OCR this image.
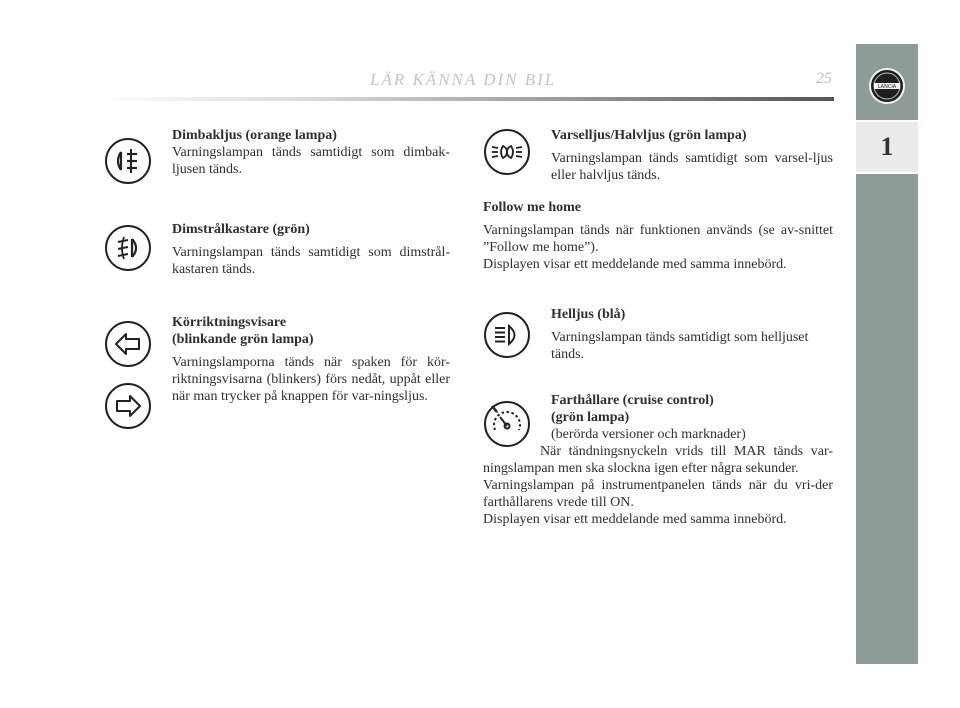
LÄR KÄNNA DIN BIL	25	LANCIA
1
Dimbakljus (orange lampa)

Varningslampan tänds samtidigt som dimbak-ljusen tänds.

Dimstrålkastare (grön)

Varningslampan tänds samtidigt som dimstrål-kastaren tänds.

Körriktningsvisare
(blinkande grön lampa)

Varningslamporna tänds när spaken för kör-riktningsvisarna (blinkers) förs nedåt, uppåt eller när man trycker på knappen för var-ningsljus.

Varselljus/Halvljus (grön lampa)

Varningslampan tänds samtidigt som varsel-ljus eller halvljus tänds.

Follow me home

Varningslampan tänds när funktionen används (se av-snittet ”Follow me home”).

Displayen visar ett meddelande med samma innebörd.

Helljus (blå)

Varningslampan tänds samtidigt som helljuset tänds.

Farthållare (cruise control)
(grön lampa)

(berörda versioner och marknader)

När tändningsnyckeln vrids till MAR tänds var-ningslampan men ska slockna igen efter några sekunder.

Varningslampan på instrumentpanelen tänds när du vri-der farthållarens vrede till ON.

Displayen visar ett meddelande med samma innebörd.
